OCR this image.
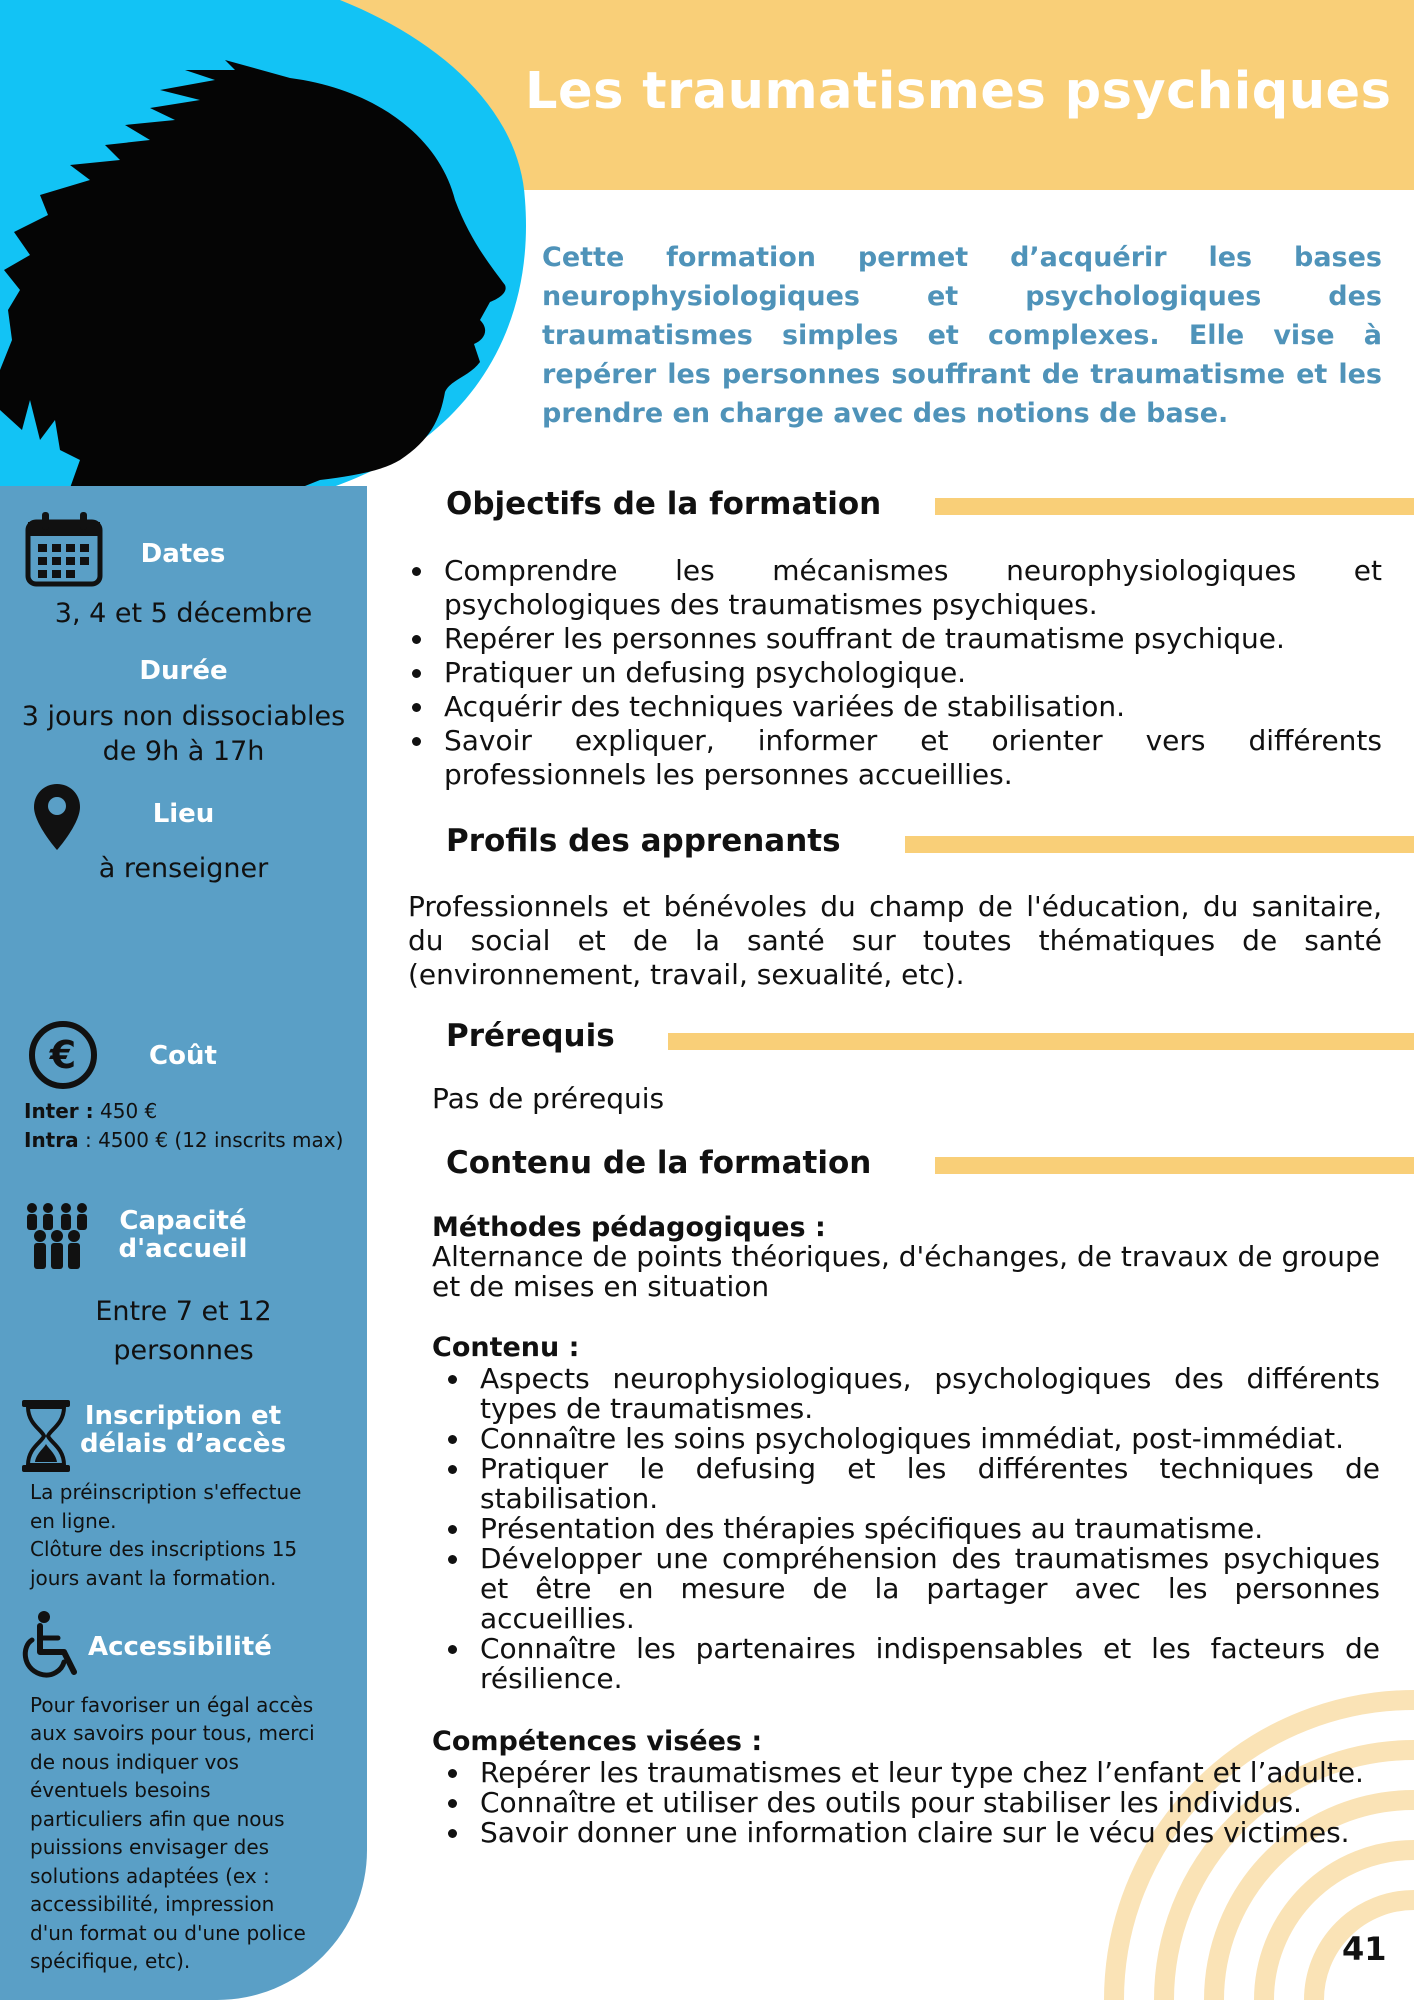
Les traumatismes psychiques

Cette formation permet d’acquérir les bases neurophysiologiques et psychologiques des traumatismes simples et complexes. Elle vise à repérer les personnes souffrant de traumatisme et les prendre en charge avec des notions de base.

Dates

3, 4 et 5 décembre

Durée

3 jours non dissociables

de 9h à 17h

Lieu

à renseigner

€	Coût

Inter : 450 €

Intra : 4500 € (12 inscrits max)

Capacité

d'accueil

Entre 7 et 12

personnes

Inscription et

délais d’accès

La préinscription s'effectue

en ligne.

Clôture des inscriptions 15

jours avant la formation.

Accessibilité

Pour favoriser un égal accès

aux savoirs pour tous, merci

de nous indiquer vos

éventuels besoins

particuliers afin que nous

puissions envisager des

solutions adaptées (ex :

accessibilité, impression

d'un format ou d'une police

spécifique, etc).

Objectifs de la formation
Comprendre les mécanismes neurophysiologiques et psychologiques des traumatismes psychiques.
Repérer les personnes souffrant de traumatisme psychique.
Pratiquer un defusing psychologique.
Acquérir des techniques variées de stabilisation.
Savoir expliquer, informer et orienter vers différents professionnels les personnes accueillies.
Profils des apprenants

Professionnels et bénévoles du champ de l'éducation, du sanitaire, du social et de la santé sur toutes thématiques de santé (environnement, travail, sexualité, etc).

Prérequis

Pas de prérequis

Contenu de la formation

Méthodes pédagogiques :

Alternance de points théoriques, d'échanges, de travaux de groupe et de mises en situation

Contenu :

Aspects neurophysiologiques, psychologiques des différents types de traumatismes.
Connaître les soins psychologiques immédiat, post-immédiat.
Pratiquer le defusing et les différentes techniques de stabilisation.
Présentation des thérapies spécifiques au traumatisme.
Développer une compréhension des traumatismes psychiques et être en mesure de la partager avec les personnes accueillies.
Connaître les partenaires indispensables et les facteurs de résilience.

Compétences visées :

Repérer les traumatismes et leur type chez l’enfant et l’adulte.
Connaître et utiliser des outils pour stabiliser les individus.
Savoir donner une information claire sur le vécu des victimes.

41
